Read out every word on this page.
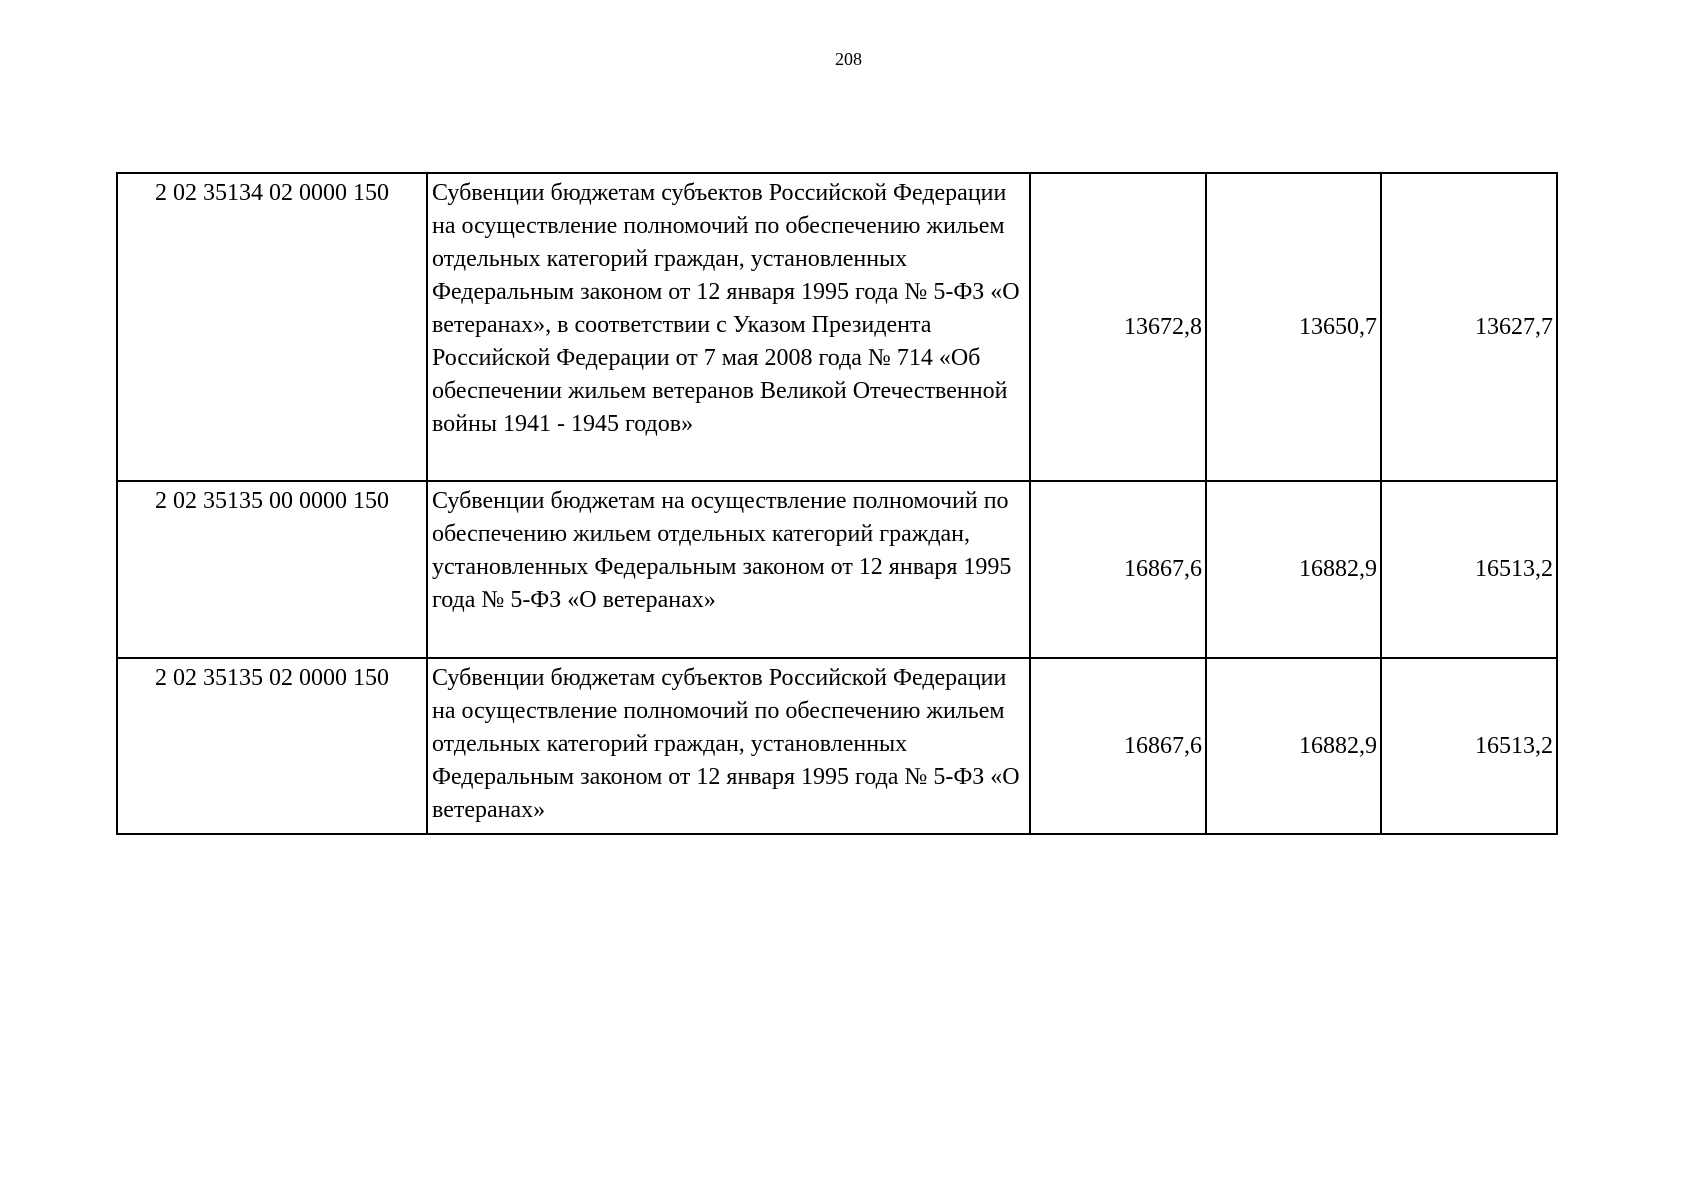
208
2 02 35134 02 0000 150	Субвенции бюджетам субъектов Российской Федерации на осуществление полномочий по обеспечению жильем отдельных категорий граждан, установленных Федеральным законом от 12 января 1995 года № 5-ФЗ «О ветеранах», в соответствии с Указом Президента Российской Федерации от 7 мая 2008 года № 714 «Об обеспечении жильем ветеранов Великой Отечественной войны 1941 - 1945 годов»	13672,8	13650,7	13627,7
2 02 35135 00 0000 150	Субвенции бюджетам на осуществление полномочий по обеспечению жильем отдельных категорий граждан, установленных Федеральным законом от 12 января 1995 года № 5-ФЗ «О ветеранах»	16867,6	16882,9	16513,2
2 02 35135 02 0000 150	Субвенции бюджетам субъектов Российской Федерации на осуществление полномочий по обеспечению жильем отдельных категорий граждан, установленных Федеральным законом от 12 января 1995 года № 5-ФЗ «О ветеранах»	16867,6	16882,9	16513,2
